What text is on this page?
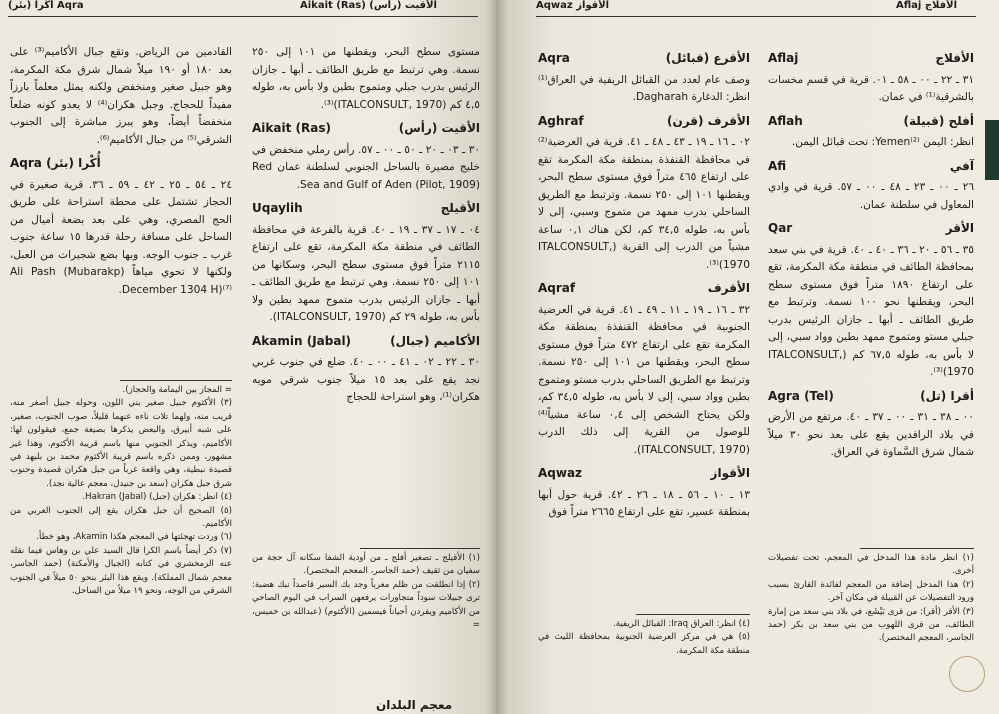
أُكْرا (بئر) Aqra	Aikait (Ras) الأقيت (رأس)

القادمين من الرياض. وتقع جبال الأكاميم⁽³⁾ على بعد ١٨٠ أو ١٩٠ ميلاً شمال شرق مكة المكرمة، وهو جبيل صغير ومنخفض ولكنه يمثل معلماً بارزاً مفيداً للحجاج. وجبل هكران⁽⁴⁾ لا يعدو كونه ضلعاً منخفضاً أيضاً، وهو يبرز مباشرة إلى الجنوب الشرقي⁽⁵⁾ من جبال الأكاميم⁽⁶⁾.

أُكْرا (بئر) Aqra

٢٤ ـ ٥٤ ـ ٢٥ ـ ٤٢ ـ ٥٩ ـ ٣٦. قرية صغيرة في الحجاز تشتمل على محطة استراحة على طريق الحج المصري، وهي على بعد بضعة أميال من الساحل على مسافة رحلة قدرها ١٥ ساعة جنوب غرب ـ جنوب الوجه. وبها بضع شجيرات من العبل، ولكنها لا تحوي مياهاً (Ali Pash (Mubarakp December 1304 H)⁽⁷⁾.

مستوى سطح البحر، ويقطنها من ١٠١ إلى ٢٥٠ نسمة. وهي ترتبط مع طريق الطائف ـ أبها ـ جازان الرئيس بدرب جبلي ومتموج بطين ولا بأس به، طوله ٤,٥ كم (ITALCONSULT, 1970)⁽³⁾.

Aikait (Ras)	الأقيت (رأس)

٣٠ ـ ٠٣ ـ ٢٠ ـ ٥٠ ـ ٠٠ ـ ٥٧. رأس رملي منخفض في خليج مصيرة بالساحل الجنوبي لسلطنة عمان Red Sea and Gulf of Aden (Pilot, 1909).

Uqaylih	الأقيلج

٠٤ ـ ١٧ ـ ٣٧ ـ ١٩ ـ ٤٠. قرية بالفرعة في محافظة الطائف في منطقة مكة المكرمة، تقع على ارتفاع ٢١١٥ متراً فوق مستوى سطح البحر، وسكانها من ١٠١ إلى ٢٥٠ نسمة. وهي ترتبط مع طريق الطائف ـ أبها ـ جازان الرئيس بدرب متموج ممهد بطين ولا بأس به، طوله ٢٩ كم (ITALCONSULT, 1970).

Akamin (Jabal)	الأكاميم (جبال)

٣٠ ـ ٢٢ ـ ٠٢ ـ ٤١ ـ ٠٠ ـ ٤٠. ضلع في جنوب غربي نجد يقع على بعد ١٥ ميلاً جنوب شرقي مويه هكران⁽¹⁾، وهو استراحة للحجاج

= المجاز بين اليمامة والحجاز).

(٣) الأكثوم جبيل صغير بني اللون، وحوله جبيل أصغر منه، قريب منه، ولهما تلات ناءه عنهما قليلاً، صوب الجنوب، صغير، على شبه أبيرق، والبعض يذكرها بصيغة جمع، فيقولون لها: الأكاميم، ويذكر الجنوبي منها باسم قريبة الأكثوم، وهذا غير مشهور، وممن ذكره باسم قريبة الأكثوم محمد بن بليهد في قصيدة نبطية، وهي واقعة غرباً من جبل هكران قصيدة وحنوب شرق جبل هكران (سعد بن جنيدل، معجم عالية نجد).

(٤) انظر: هكران (جبل) Hakran (Jabal).

(٥) الصحيح أن جبل هكران يقع إلى الجنوب الغربي من الأكاميم.

(٦) وردت تهجئتها في المعجم هكذا Akamin، وهو خطأ.

(٧) ذكر أيضاً باسم الكرا قال السيد علي بن وهاس فيما نقله عنه الزمخشري في كتابه (الجبال والأمكنة) (حمد الجاسر، معجم شمال المملكة). ويقع هذا البئر بنحو ٥٠ ميلاً في الجنوب الشرقي من الوجه، ونحو ١٩ ميلاً من الساحل.

(١) الأقيلج ـ تصغير أفلج ـ من أودية الشفا سكانه آل حجة من سفيان من ثقيف (حمد الجاسر، المعجم المختصر).

(٢) إذا انطلقت من ظلم مغرباً وجد بك السير قاصداً نبك هضبة: ترى جبيلات سوداً متجاورات يرفعهن السراب في اليوم الصاحي من الأكاميم ويفردن أحياناً فيسمين (الأكثوم) (عبدالله بن خميس، =

معجم البلدان
Aqwaz الأقواز	Aflaj الأفلاج
Aqra	الأقرع (قبائل)

وصف عام لعدد من القبائل الريفية في العراق⁽¹⁾ انظر: الدغارة Dagharah.

Aghraf	الأقرف (قرن)

٠٢ ـ ١٦ ـ ١٩ ـ ٤٣ ـ ٤٨ ـ ٤١. قرية في العرضية⁽²⁾ في محافظة القنفذة بمنطقة مكة المكرمة تقع على ارتفاع ٤٦٥ متراً فوق مستوى سطح البحر، ويقطنها ١٠١ إلى ٢٥٠ نسمة. وترتبط مع الطريق الساحلي بدرب ممهد من متموج وسبي، إلى لا بأس به، طوله ٣٤,٥ كم، لكن هناك ٠,١ ساعة مشياً من الدرب إلى القرية (ITALCONSULT, 1970)⁽³⁾.

Aqraf	الأقرف

٣٢ ـ ١٦ ـ ١٩ ـ ١١ ـ ٤٩ ـ ٤١. قرية في العرضية الجنوبية في محافظة القنفذة بمنطقة مكة المكرمة تقع على ارتفاع ٤٧٢ متراً فوق مستوى سطح البحر، ويقطنها من ١٠١ إلى ٢٥٠ نسمة. وترتبط مع الطريق الساحلي بدرب مستو ومتموج بطين وواد سبي، إلى لا بأس به، طوله ٣٤,٥ كم، ولكن يحتاج الشخص إلى ٠,٤ ساعة مشياً⁽⁴⁾ للوصول من القرية إلى ذلك الدرب (ITALCONSULT, 1970).

Aqwaz	الأقواز

١٣ ـ ١٠ ـ ٥٦ ـ ١٨ ـ ٢٦ ـ ٤٢. قرية حول أبها بمنطقة عسير، تقع على ارتفاع ٢٦٦٥ متراً فوق

Aflaj	الأفلاج

٣١ ـ ٢٢ ـ ٠٠ ـ ٥٨ ـ ٠١. قرية في قسم مخسات بالشرقية⁽¹⁾ في عمان.

Aflah	أفلح (قبيلة)

انظر: اليمن Yemen⁽²⁾: تحت قبائل اليمن.

Afi	آفي

٢٦ ـ ٠٠ ـ ٢٣ ـ ٤٨ ـ ٠٠ ـ ٥٧. قرية في وادي المعاول في سلطنة عمان.

Qar	الأقر

٣٥ ـ ٥٦ ـ ٢٠ ـ ٣٦ ـ ٤٠ ـ ٤٠. قرية في بني سعد بمحافظة الطائف في منطقة مكة المكرمة، تقع على ارتفاع ١٨٩٠ متراً فوق مستوى سطح البحر، ويقطنها نحو ١٠٠ نسمة. وترتبط مع طريق الطائف ـ أبها ـ جازان الرئيس بدرب جبلي مستو ومتموج ممهد بطين وواد سبي، إلى لا بأس به، طوله ٦٧,٥ كم (ITALCONSULT, 1970)⁽³⁾.

Agra (Tel)	أقرا (تل)

٠٠ ـ ٣٨ ـ ٣١ ـ ٠٠ ـ ٣٧ ـ ٤٠. مرتفع من الأرض في بلاد الرافدين يقع على بعد نحو ٣٠ ميلاً شمال شرق السَّماوة في العراق.

(٤) انظر: العراق Iraq: القبائل الريفية.

(٥) هي في مركز العرضية الجنوبية بمحافظة الليث في منطقة مكة المكرمة.

(١) انظر مادة هذا المدخل في المعجم، تحت تفصيلات أخرى.

(٢) هذا المدخل إضافة من المعجم لفائدة القارئ بسبب ورود التفصيلات عن القبيلة في مكان آخر.

(٣) الأقر (أقر): من قرى بَيْشَع، في بلاد بني سعد من إمارة الطائف، من قرى اللهوب من بني سعد بن بكر (حمد الجاسر، المعجم المختصر).
